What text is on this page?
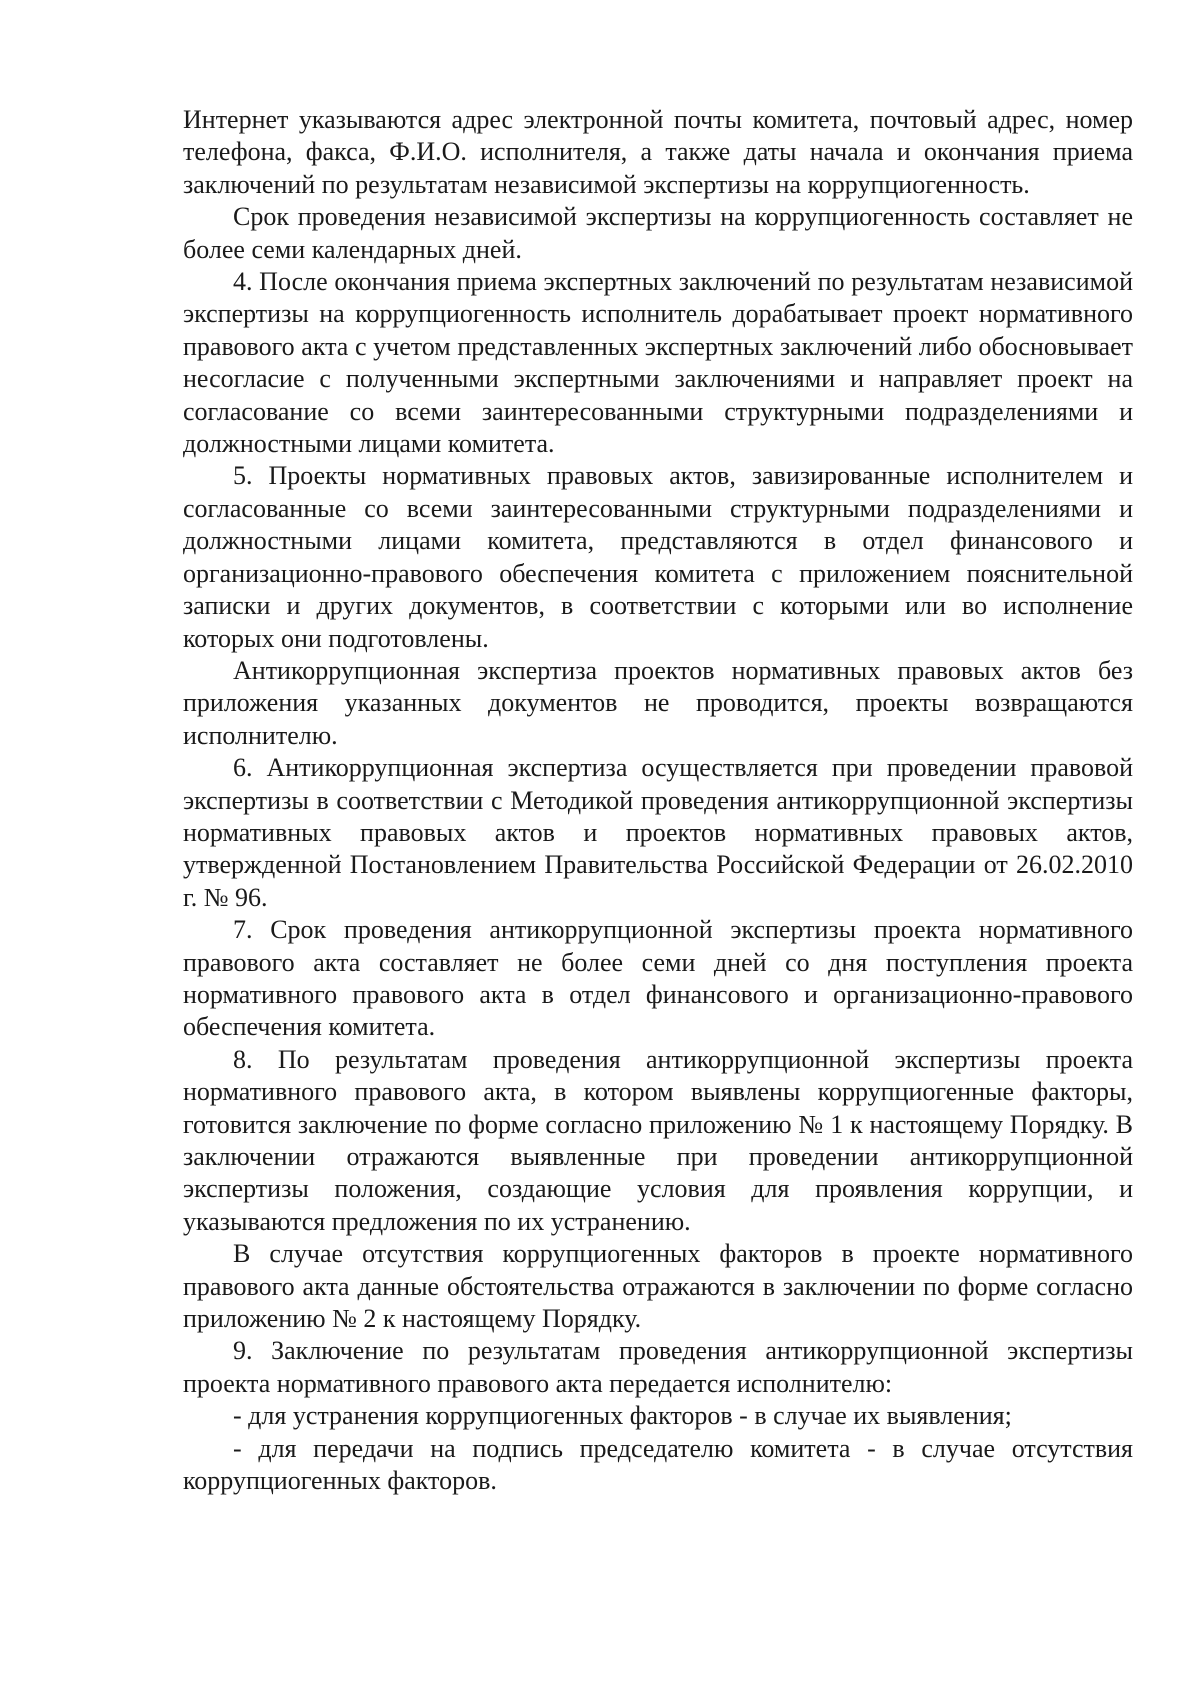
Интернет указываются адрес электронной почты комитета, почтовый адрес, номер телефона, факса, Ф.И.О. исполнителя, а также даты начала и окончания приема заключений по результатам независимой экспертизы на коррупциогенность.

Срок проведения независимой экспертизы на коррупциогенность составляет не более семи календарных дней.

4. После окончания приема экспертных заключений по результатам независимой экспертизы на коррупциогенность исполнитель дорабатывает проект нормативного правового акта с учетом представленных экспертных заключений либо обосновывает несогласие с полученными экспертными заключениями и направляет проект на согласование со всеми заинтересованными структурными подразделениями и должностными лицами комитета.

5. Проекты нормативных правовых актов, завизированные исполнителем и согласованные со всеми заинтересованными структурными подразделениями и должностными лицами комитета, представляются в отдел финансового и организационно-правового обеспечения комитета с приложением пояснительной записки и других документов, в соответствии с которыми или во исполнение которых они подготовлены.

Антикоррупционная экспертиза проектов нормативных правовых актов без приложения указанных документов не проводится, проекты возвращаются исполнителю.

6. Антикоррупционная экспертиза осуществляется при проведении правовой экспертизы в соответствии с Методикой проведения антикоррупционной экспертизы нормативных правовых актов и проектов нормативных правовых актов, утвержденной Постановлением Правительства Российской Федерации от 26.02.2010 г. № 96.

7. Срок проведения антикоррупционной экспертизы проекта нормативного правового акта составляет не более семи дней со дня поступления проекта нормативного правового акта в отдел финансового и организационно-правового обеспечения комитета.

8. По результатам проведения антикоррупционной экспертизы проекта нормативного правового акта, в котором выявлены коррупциогенные факторы, готовится заключение по форме согласно приложению № 1 к настоящему Порядку. В заключении отражаются выявленные при проведении антикоррупционной экспертизы положения, создающие условия для проявления коррупции, и указываются предложения по их устранению.

В случае отсутствия коррупциогенных факторов в проекте нормативного правового акта данные обстоятельства отражаются в заключении по форме согласно приложению № 2 к настоящему Порядку.

9. Заключение по результатам проведения антикоррупционной экспертизы проекта нормативного правового акта передается исполнителю:

- для устранения коррупциогенных факторов - в случае их выявления;

- для передачи на подпись председателю комитета - в случае отсутствия коррупциогенных факторов.
